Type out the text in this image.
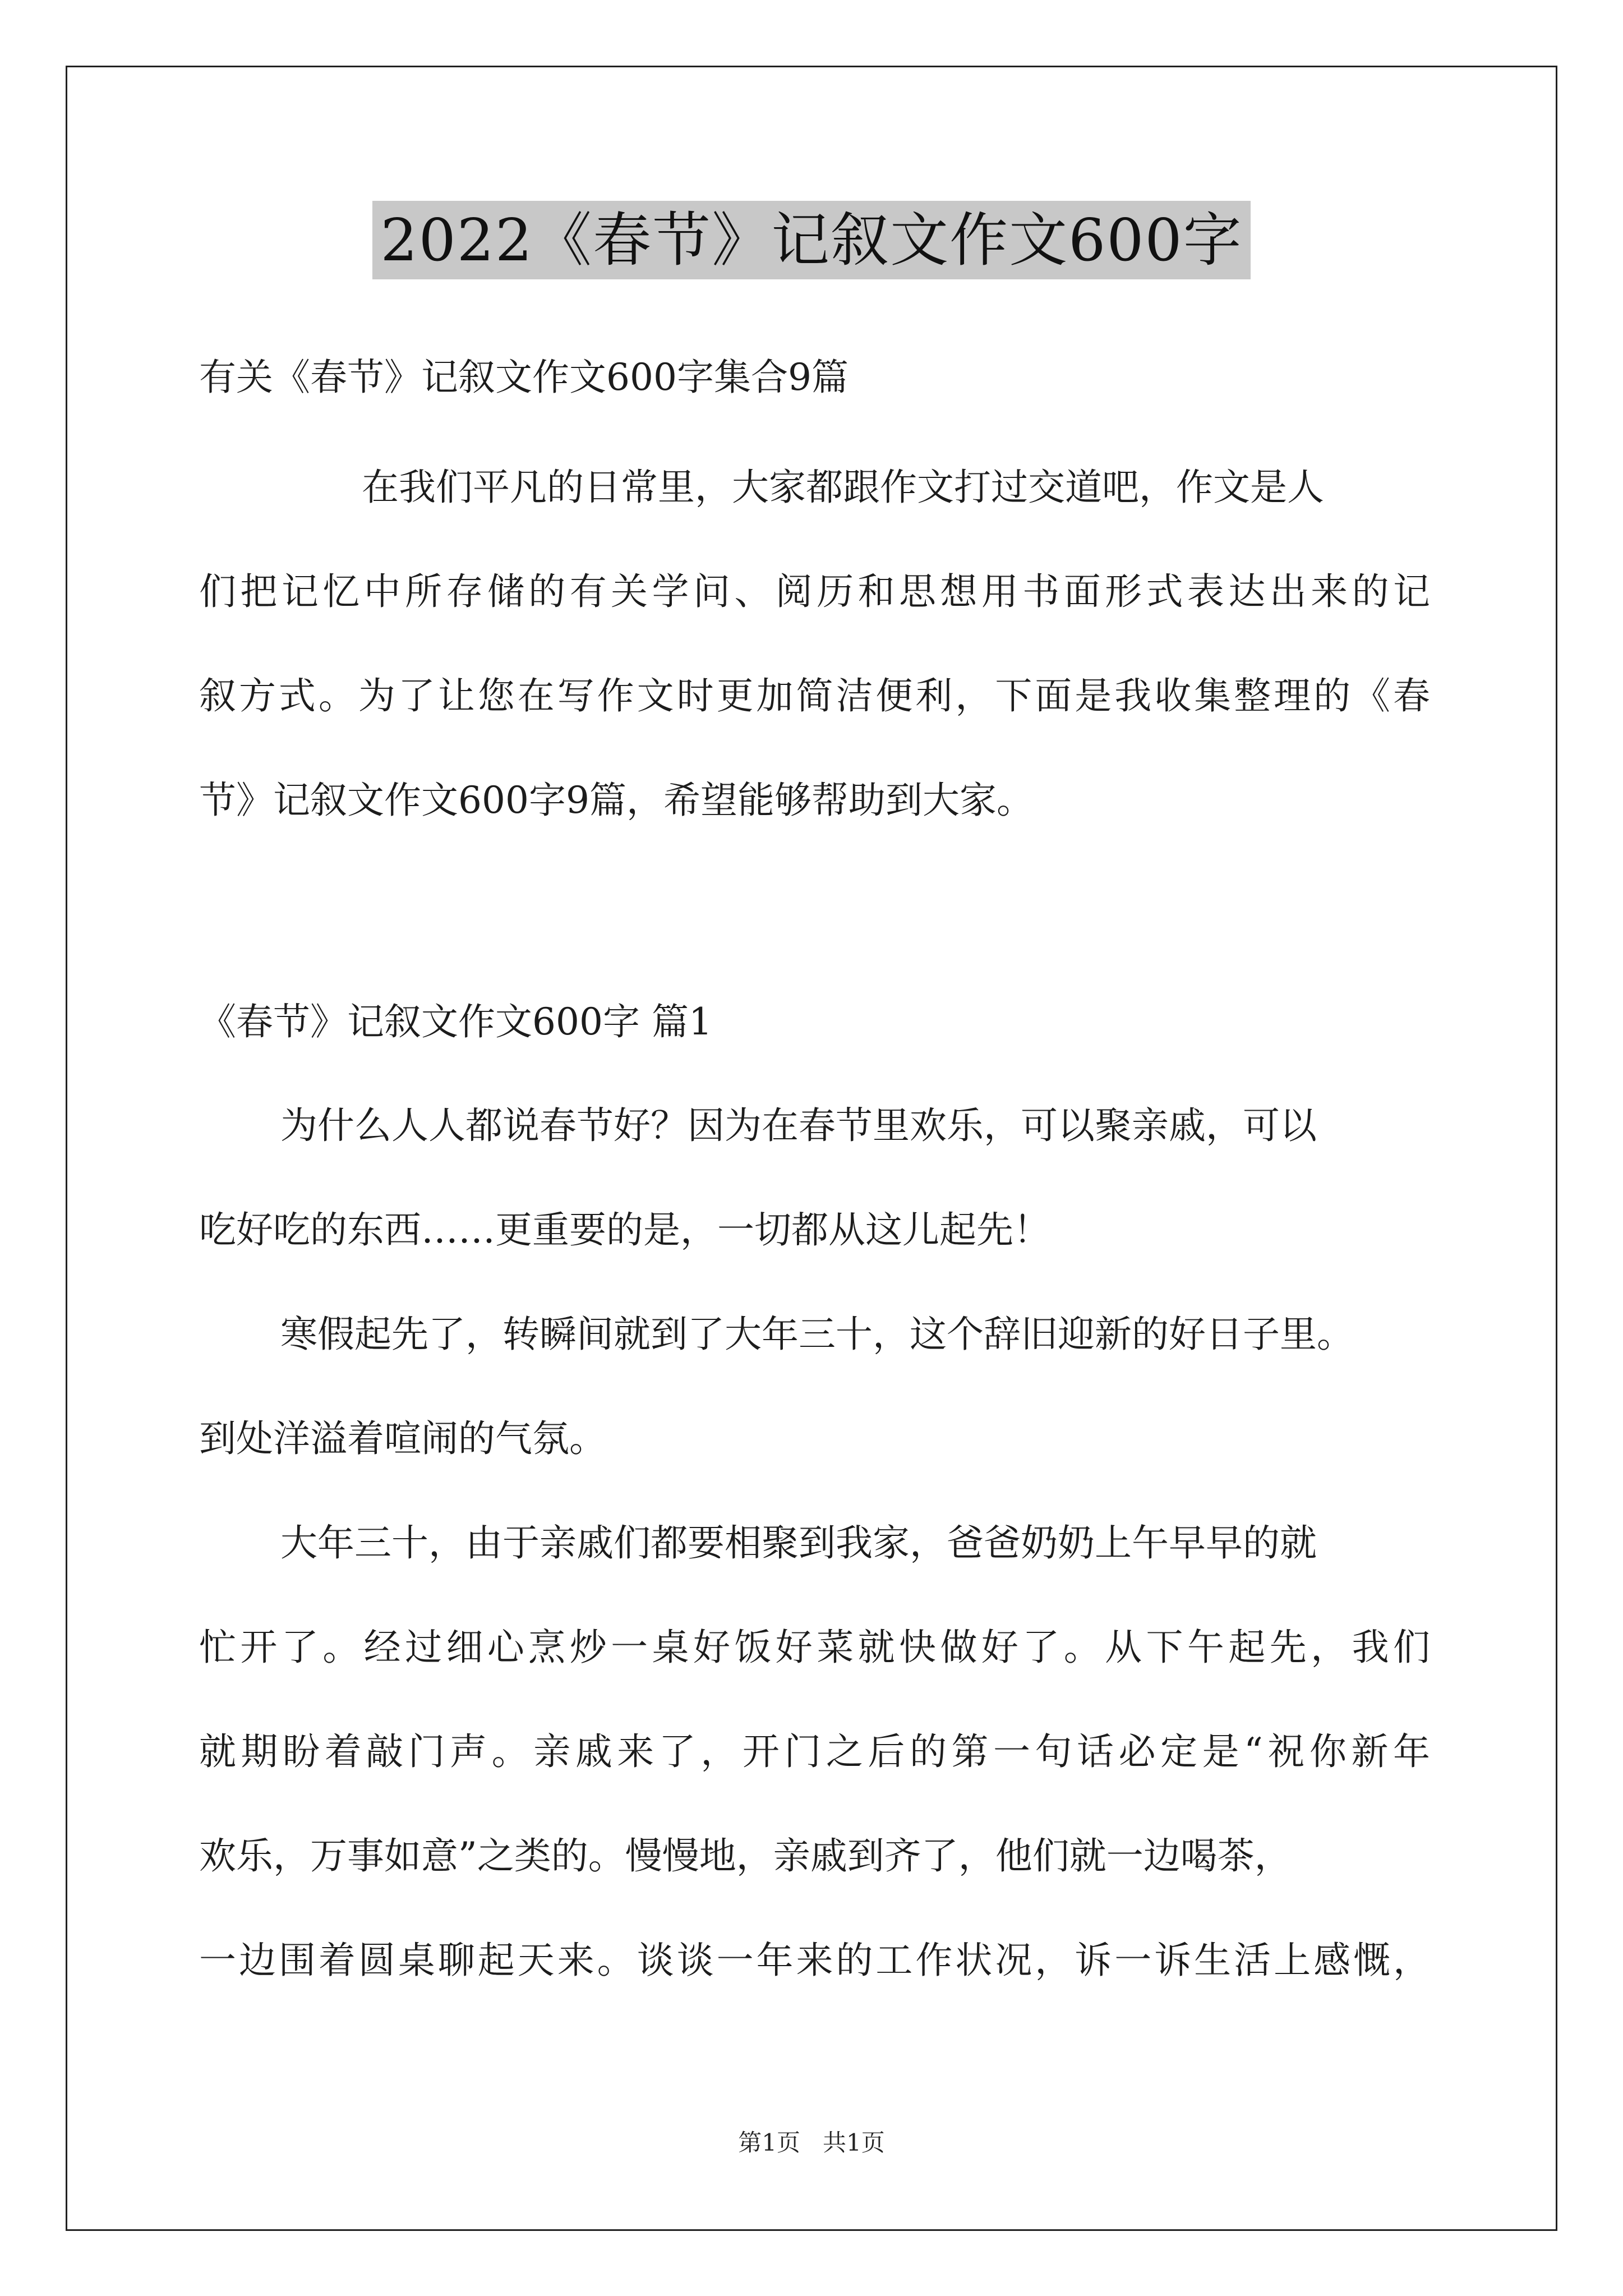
2022《春节》记叙文作文600字
有关《春节》记叙文作文600字集合9篇
在我们平凡的日常里，大家都跟作文打过交道吧，作文是人
们把记忆中所存储的有关学问、阅历和思想用书面形式表达出来的记
叙方式。为了让您在写作文时更加简洁便利，下面是我收集整理的《春
节》记叙文作文600字9篇，希望能够帮助到大家。
《春节》记叙文作文600字 篇1
为什么人人都说春节好？因为在春节里欢乐，可以聚亲戚，可以
吃好吃的东西……更重要的是，一切都从这儿起先！
寒假起先了，转瞬间就到了大年三十，这个辞旧迎新的好日子里。
到处洋溢着喧闹的气氛。
大年三十，由于亲戚们都要相聚到我家，爸爸奶奶上午早早的就
忙开了。经过细心烹炒一桌好饭好菜就快做好了。从下午起先，我们
就期盼着敲门声。亲戚来了，开门之后的第一句话必定是“祝你新年
欢乐，万事如意”之类的。慢慢地，亲戚到齐了，他们就一边喝茶，
一边围着圆桌聊起天来。谈谈一年来的工作状况，诉一诉生活上感慨，
第1页   共1页
